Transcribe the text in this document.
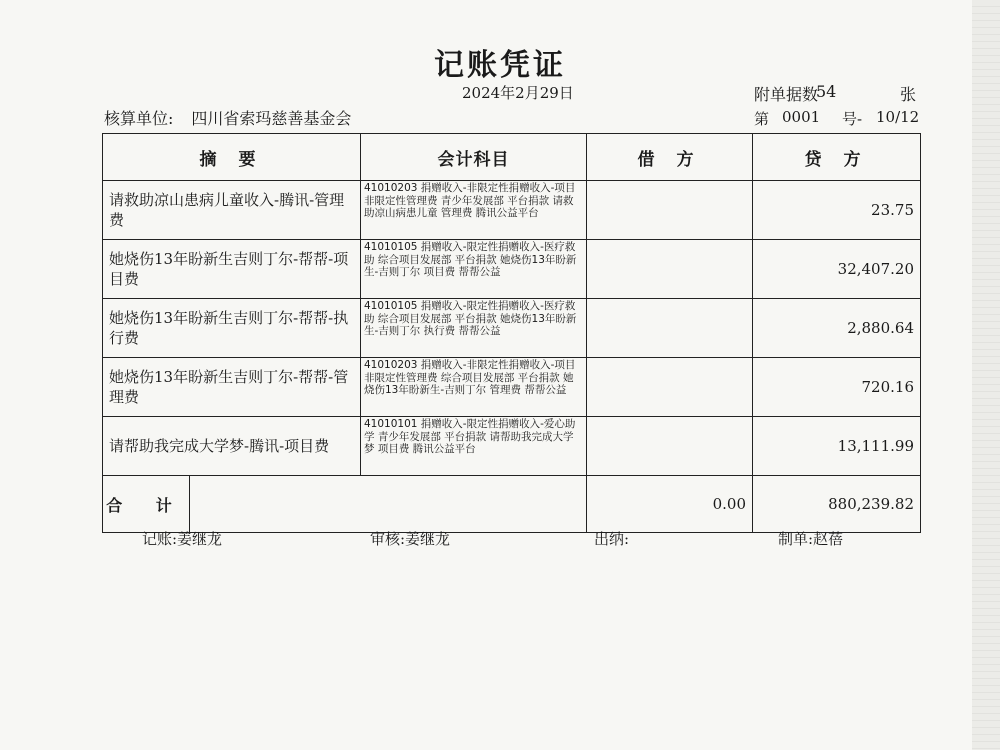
记账凭证
2024年2月29日	附单据数
54	张
核算单位: 四川省索玛慈善基金会

	第

0001

号-

10/12

摘 要	会计科目	借 方	贷 方
请救助凉山患病儿童收入-腾讯-管理费	41010203 捐赠收入-非限定性捐赠收入-项目非限定性管理费 青少年发展部 平台捐款 请救助凉山病患儿童 管理费 腾讯公益平台		23.75
她烧伤13年盼新生吉则丁尔-帮帮-项目费	41010105 捐赠收入-限定性捐赠收入-医疗救助 综合项目发展部 平台捐款 她烧伤13年盼新生-吉则丁尔 项目费 帮帮公益		32,407.20
她烧伤13年盼新生吉则丁尔-帮帮-执行费	41010105 捐赠收入-限定性捐赠收入-医疗救助 综合项目发展部 平台捐款 她烧伤13年盼新生-吉则丁尔 执行费 帮帮公益		2,880.64
她烧伤13年盼新生吉则丁尔-帮帮-管理费	41010203 捐赠收入-非限定性捐赠收入-项目非限定性管理费 综合项目发展部 平台捐款 她烧伤13年盼新生-吉则丁尔 管理费 帮帮公益		720.16
请帮助我完成大学梦-腾讯-项目费	41010101 捐赠收入-限定性捐赠收入-爱心助学 青少年发展部 平台捐款 请帮助我完成大学梦 项目费 腾讯公益平台		13,111.99

合 计		0.00	880,239.82
记账:姜继龙	审核:姜继龙	出纳:	制单:赵蓓
